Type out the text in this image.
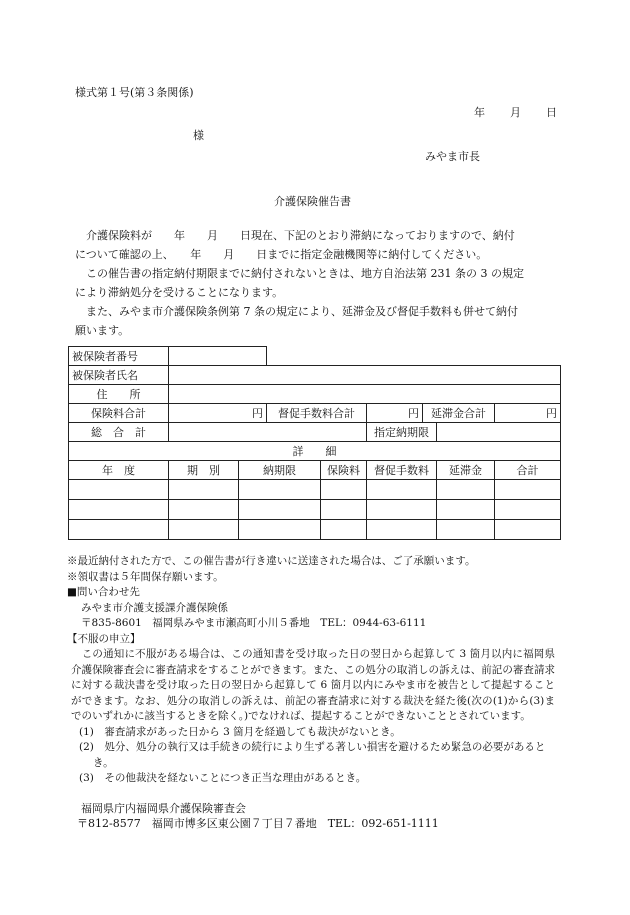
様式第１号(第３条関係)
年 月 日
様
みやま市長
介護保険催告書
　介護保険料が　　年　　月　　日現在、下記のとおり滞納になっておりますので、納付
について確認の上、　　年　　月　　日までに指定金融機関等に納付してください。
　この催告書の指定納付期限までに納付されないときは、地方自治法第 231 条の 3 の規定
により滞納処分を受けることになります。
　また、みやま市介護保険条例第 7 条の規定により、延滞金及び督促手数料も併せて納付
願います。
被保険者番号								
被保険者氏名								
住　　所								
保険料合計	円		督促手数料合計		円	延滞金合計		円
総　合　計					指定納期限			
詳　　細								
年　度	期　別	納期限		保険料	督促手数料		延滞金	合計

※最近納付された方で、この催告書が行き違いに送達された場合は、ご了承願います。
※領収書は５年間保存願います。
■問い合わせ先
みやま市介護支援課介護保険係
〒835-8601　福岡県みやま市瀬高町小川５番地　TEL：0944-63-6111
【不服の申立】
　この通知に不服がある場合は、この通知書を受け取った日の翌日から起算して 3 箇月以内に福岡県介護保険審査会に審査請求をすることができます。また、この処分の取消しの訴えは、前記の審査請求に対する裁決書を受け取った日の翌日から起算して 6 箇月以内にみやま市を被告として提起することができます。なお、処分の取消しの訴えは、前記の審査請求に対する裁決を経た後(次の(1)から(3)までのいずれかに該当するときを除く。)でなければ、提起することができないこととされています。
(1)　審査請求があった日から 3 箇月を経過しても裁決がないとき。
(2)　処分、処分の執行又は手続きの続行により生ずる著しい損害を避けるため緊急の必要があるとき。
(3)　その他裁決を経ないことにつき正当な理由があるとき。
福岡県庁内福岡県介護保険審査会
〒812-8577　福岡市博多区東公園７丁目７番地　TEL：092-651-1111
